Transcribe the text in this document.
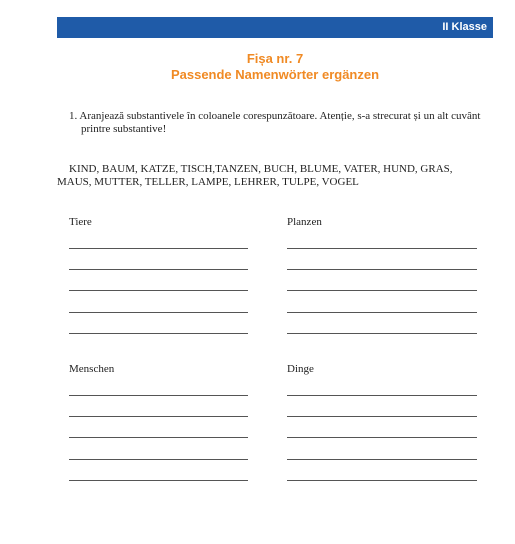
II Klasse
Fișa nr. 7
Passende Namenwörter ergänzen
1. Aranjează substantivele în coloanele corespunzătoare. Atenție, s-a strecurat și un alt cuvânt
printre substantive!
KIND, BAUM, KATZE, TISCH,TANZEN, BUCH, BLUME, VATER, HUND, GRAS,
MAUS, MUTTER, TELLER, LAMPE, LEHRER, TULPE, VOGEL
Tiere	Planzen
Menschen	Dinge
